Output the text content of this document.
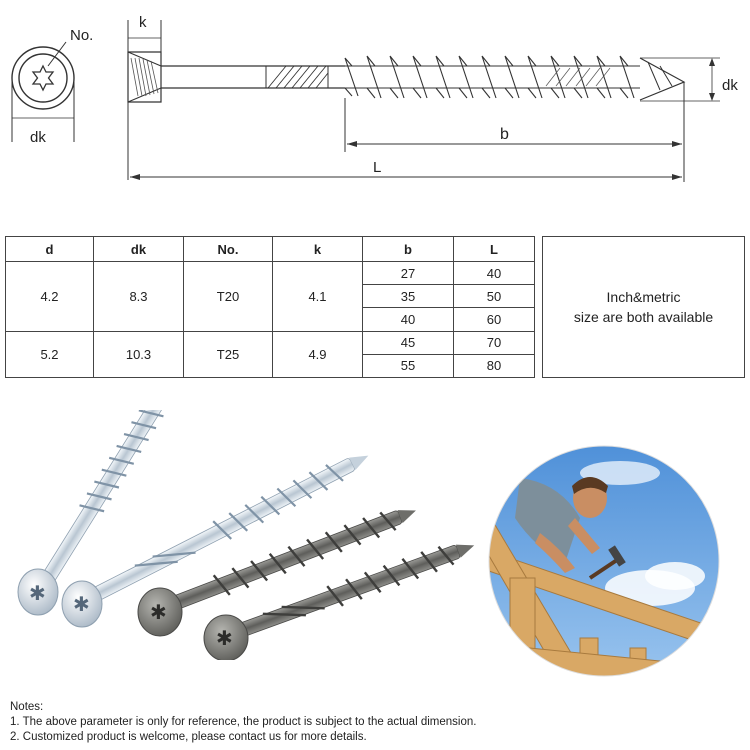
No.
dk
k
dk
b
L
d	dk	No.	k	b	L
4.2	8.3	T20	4.1	27	40
				35	50
				40	60
5.2	10.3	T25	4.9	45	70
				55	80
Inch&metric
size are both available
✱ ✱	✱
✱
Notes:
1. The above parameter is only for reference, the product is subject to the actual dimension.
2. Customized product is welcome, please contact us for more details.
